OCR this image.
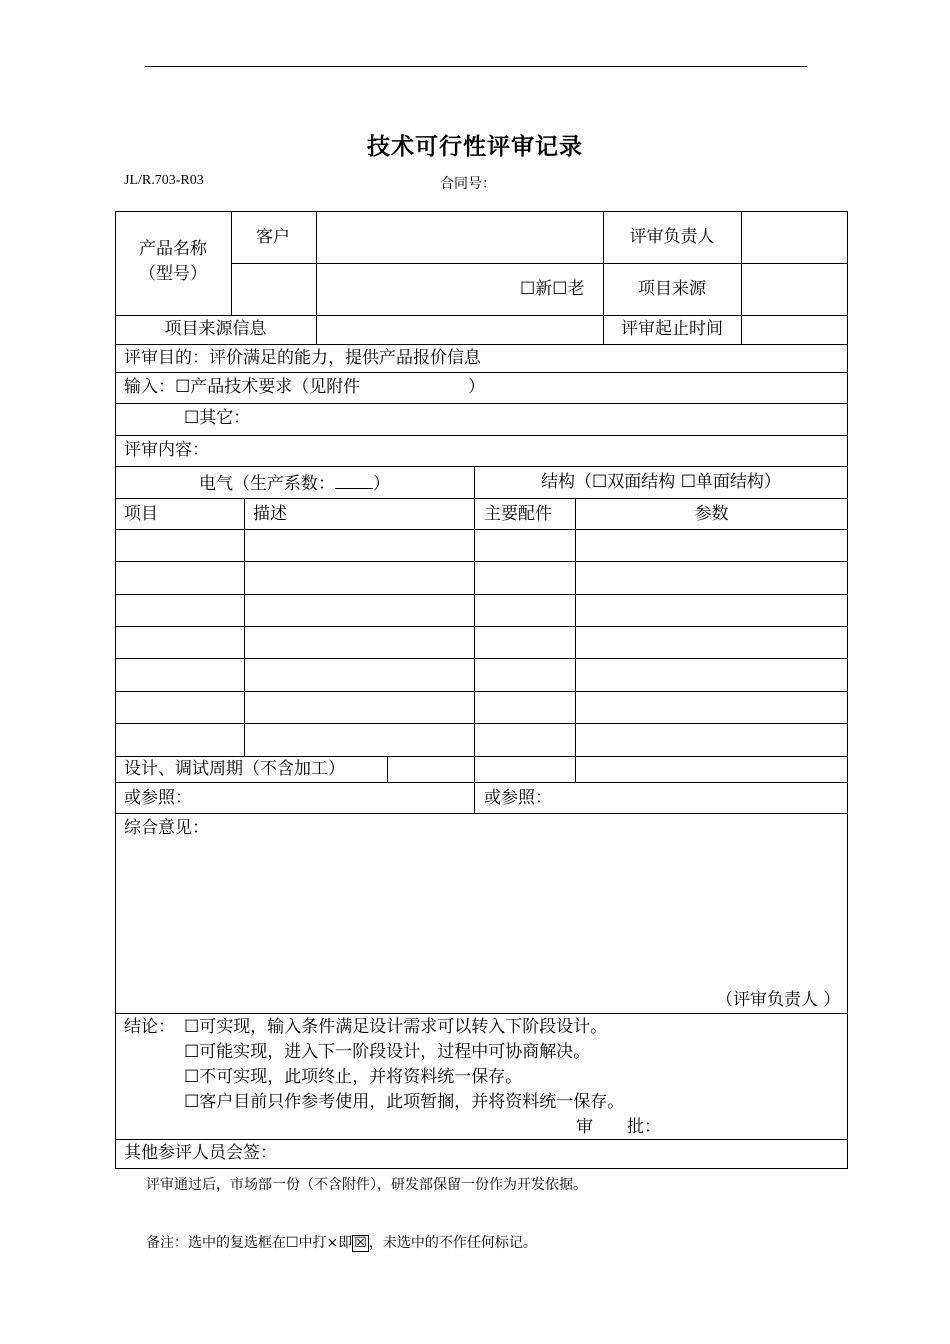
技术可行性评审记录
JL/R.703-R03	合同号：
产品名称
（型号）
客户	评审负责人
☐新☐老	项目来源
项目来源信息	评审起止时间
评审目的：评价满足的能力，提供产品报价信息
输入：☐产品技术要求（见附件	）
☐其它：
评审内容：
电气（生产系数： ）	结构（☐双面结构 ☐单面结构）
项目	描述	主要配件	参数
设计、调试周期（不含加工）
或参照：	或参照：
综合意见：
（评审负责人 ）
结论： ☐可实现，输入条件满足设计需求可以转入下阶段设计。
☐可能实现，进入下一阶段设计，过程中可协商解决。
☐不可实现，此项终止，并将资料统一保存。
☐客户目前只作参考使用，此项暂搁，并将资料统一保存。
审　　批：
其他参评人员会签：
评审通过后，市场部一份（不含附件），研发部保留一份作为开发依据。
备注：选中的复选框在☐中打×即 ☒ ，未选中的不作任何标记。
